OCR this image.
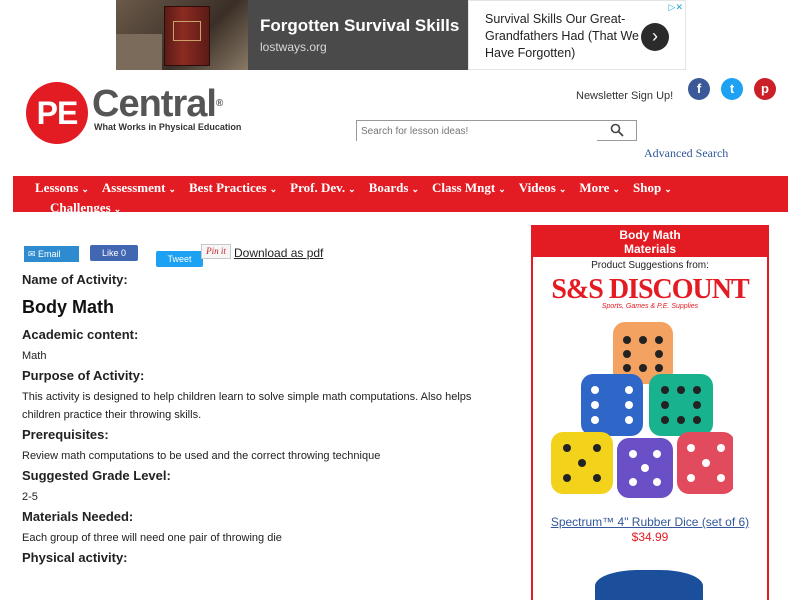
Forgotten Survival Skills
lostways.org
Survival Skills Our Great-Grandfathers Had (That We Have Forgotten)
›
▷✕
PE Central®
What Works in Physical Education
Newsletter Sign Up!	f	t	p
Search for lesson ideas!
Advanced Search
Lessons ⌄ Assessment ⌄ Best Practices ⌄ Prof. Dev. ⌄ Boards ⌄ Class Mngt ⌄ Videos ⌄ More ⌄ Shop ⌄
Challenges ⌄
✉ Email	Like 0
Tweet
Pin it Download as pdf
Name of Activity:
Body Math
Academic content:
Math
Purpose of Activity:
This activity is designed to help children learn to solve simple math computations. Also helps children practice their throwing skills.
Prerequisites:
Review math computations to be used and the correct throwing technique
Suggested Grade Level:
2-5
Materials Needed:
Each group of three will need one pair of throwing die
Physical activity:
Body Math Materials
Product Suggestions from:
S&S DISCOUNT
Sports, Games & P.E. Supplies
Spectrum™ 4" Rubber Dice (set of 6)
$34.99
